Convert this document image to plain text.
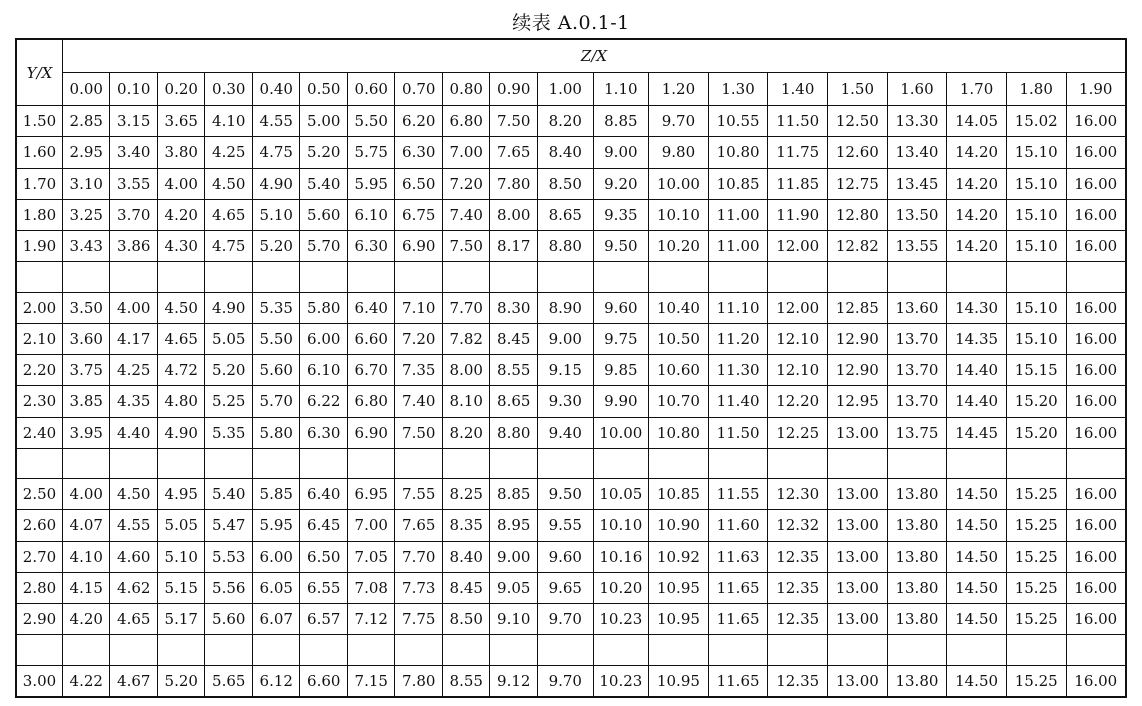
续表 A.0.1-1
Y/X	Z/X																			
	0.00	0.10	0.20	0.30	0.40	0.50	0.60	0.70	0.80	0.90	1.00	1.10	1.20	1.30	1.40	1.50	1.60	1.70	1.80	1.90
1.50	2.85	3.15	3.65	4.10	4.55	5.00	5.50	6.20	6.80	7.50	8.20	8.85	9.70	10.55	11.50	12.50	13.30	14.05	15.02	16.00
1.60	2.95	3.40	3.80	4.25	4.75	5.20	5.75	6.30	7.00	7.65	8.40	9.00	9.80	10.80	11.75	12.60	13.40	14.20	15.10	16.00
1.70	3.10	3.55	4.00	4.50	4.90	5.40	5.95	6.50	7.20	7.80	8.50	9.20	10.00	10.85	11.85	12.75	13.45	14.20	15.10	16.00
1.80	3.25	3.70	4.20	4.65	5.10	5.60	6.10	6.75	7.40	8.00	8.65	9.35	10.10	11.00	11.90	12.80	13.50	14.20	15.10	16.00
1.90	3.43	3.86	4.30	4.75	5.20	5.70	6.30	6.90	7.50	8.17	8.80	9.50	10.20	11.00	12.00	12.82	13.55	14.20	15.10	16.00

2.00	3.50	4.00	4.50	4.90	5.35	5.80	6.40	7.10	7.70	8.30	8.90	9.60	10.40	11.10	12.00	12.85	13.60	14.30	15.10	16.00
2.10	3.60	4.17	4.65	5.05	5.50	6.00	6.60	7.20	7.82	8.45	9.00	9.75	10.50	11.20	12.10	12.90	13.70	14.35	15.10	16.00
2.20	3.75	4.25	4.72	5.20	5.60	6.10	6.70	7.35	8.00	8.55	9.15	9.85	10.60	11.30	12.10	12.90	13.70	14.40	15.15	16.00
2.30	3.85	4.35	4.80	5.25	5.70	6.22	6.80	7.40	8.10	8.65	9.30	9.90	10.70	11.40	12.20	12.95	13.70	14.40	15.20	16.00
2.40	3.95	4.40	4.90	5.35	5.80	6.30	6.90	7.50	8.20	8.80	9.40	10.00	10.80	11.50	12.25	13.00	13.75	14.45	15.20	16.00

2.50	4.00	4.50	4.95	5.40	5.85	6.40	6.95	7.55	8.25	8.85	9.50	10.05	10.85	11.55	12.30	13.00	13.80	14.50	15.25	16.00
2.60	4.07	4.55	5.05	5.47	5.95	6.45	7.00	7.65	8.35	8.95	9.55	10.10	10.90	11.60	12.32	13.00	13.80	14.50	15.25	16.00
2.70	4.10	4.60	5.10	5.53	6.00	6.50	7.05	7.70	8.40	9.00	9.60	10.16	10.92	11.63	12.35	13.00	13.80	14.50	15.25	16.00
2.80	4.15	4.62	5.15	5.56	6.05	6.55	7.08	7.73	8.45	9.05	9.65	10.20	10.95	11.65	12.35	13.00	13.80	14.50	15.25	16.00
2.90	4.20	4.65	5.17	5.60	6.07	6.57	7.12	7.75	8.50	9.10	9.70	10.23	10.95	11.65	12.35	13.00	13.80	14.50	15.25	16.00

3.00	4.22	4.67	5.20	5.65	6.12	6.60	7.15	7.80	8.55	9.12	9.70	10.23	10.95	11.65	12.35	13.00	13.80	14.50	15.25	16.00
